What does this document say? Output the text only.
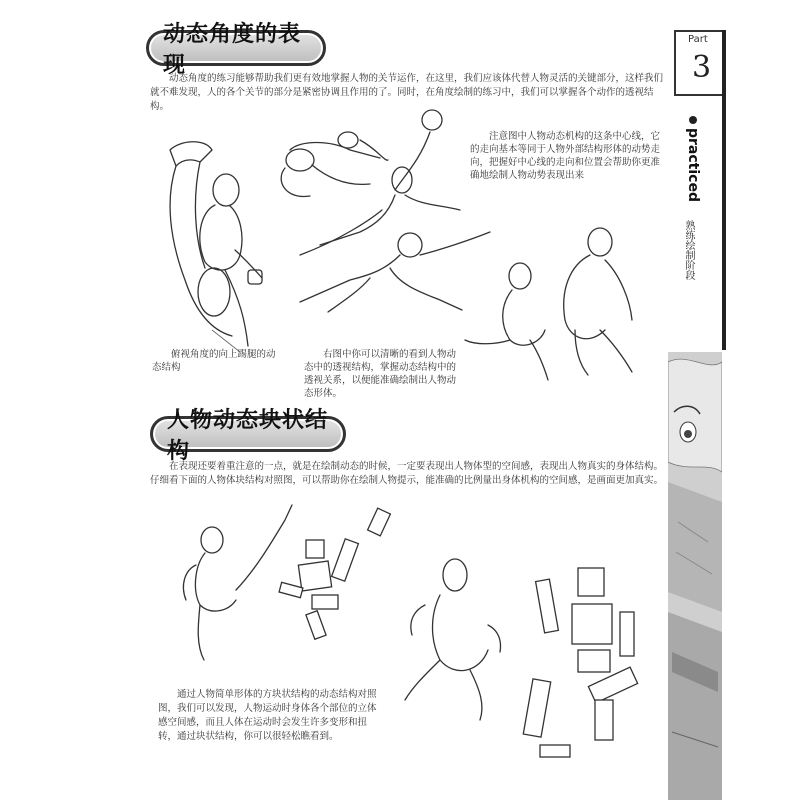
动态角度的表现

动态角度的练习能够帮助我们更有效地掌握人物的关节运作，在这里，我们应该体代替人物灵活的关键部分，这样我们就不难发现，人的各个关节的部分是紧密协调且作用的了。同时，在角度绘制的练习中，我们可以掌握各个动作的透视结构。

注意图中人物动态机构的这条中心线，它的走向基本等同于人物外部结构形体的动势走向，把握好中心线的走向和位置会帮助你更准确地绘制人物动势表现出来

俯视角度的向上踢腿的动态结构

右图中你可以清晰的看到人物动态中的透视结构，掌握动态结构中的透视关系，以便能准确绘制出人物动态形体。

人物动态块状结构

在表现还要着重注意的一点，就是在绘制动态的时候，一定要表现出人物体型的空间感，表现出人物真实的身体结构。仔细看下面的人物体块结构对照图，可以帮助你在绘制人物提示，能准确的比例量出身体机构的空间感，是画面更加真实。

通过人物简单形体的方块状结构的动态结构对照图，我们可以发现，人物运动时身体各个部位的立体感空间感，而且人体在运动时会发生许多变形和扭转，通过块状结构，你可以很轻松瞧看到。

Part
3
practiced
熟练绘制阶段
